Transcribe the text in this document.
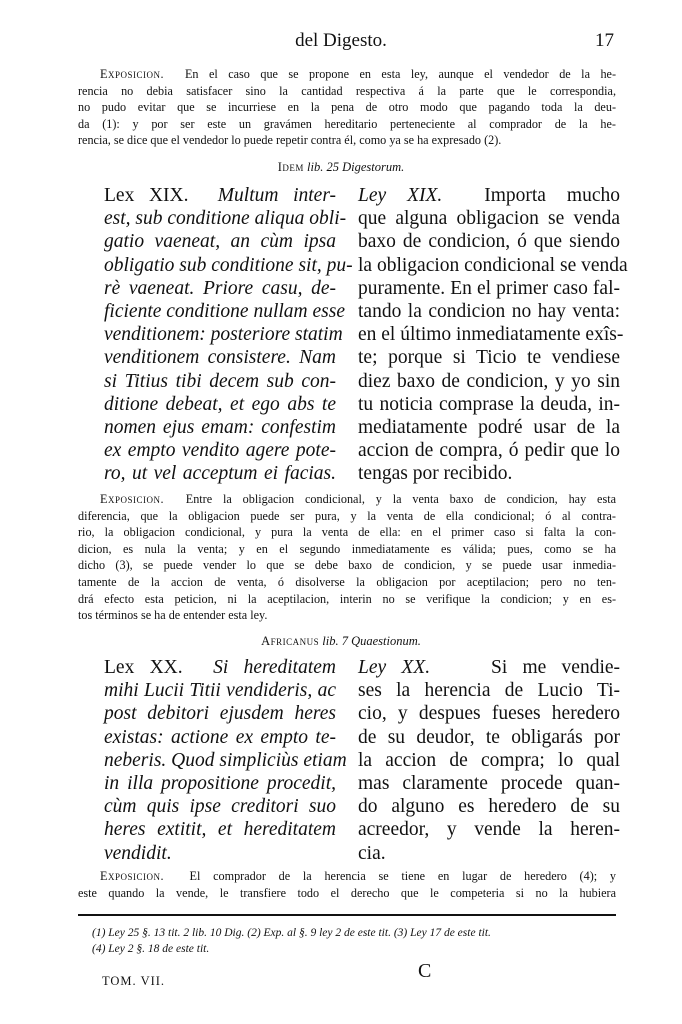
del Digesto.	17
Exposicion. En el caso que se propone en esta ley, aunque el vendedor de la he-
rencia no debia satisfacer sino la cantidad respectiva á la parte que le correspondia,
no pudo evitar que se incurriese en la pena de otro modo que pagando toda la deu-
da (1): y por ser este un gravámen hereditario perteneciente al comprador de la he-
rencia, se dice que el vendedor lo puede repetir contra él, como ya se ha expresado (2).
Idem lib. 25 Digestorum.
Lex XIX. Multum inter-
est, sub conditione aliqua obli-
gatio vaeneat, an cùm ipsa
obligatio sub conditione sit, pu-
rè vaeneat. Priore casu, de-
ficiente conditione nullam esse
venditionem: posteriore statim
venditionem consistere. Nam
si Titius tibi decem sub con-
ditione debeat, et ego abs te
nomen ejus emam: confestim
ex empto vendito agere pote-
ro, ut vel acceptum ei facias.
Ley XIX. Importa mucho
que alguna obligacion se venda
baxo de condicion, ó que siendo
la obligacion condicional se venda
puramente. En el primer caso fal-
tando la condicion no hay venta:
en el último inmediatamente exîs-
te; porque si Ticio te vendiese
diez baxo de condicion, y yo sin
tu noticia comprase la deuda, in-
mediatamente podré usar de la
accion de compra, ó pedir que lo
tengas por recibido.
Exposicion. Entre la obligacion condicional, y la venta baxo de condicion, hay esta
diferencia, que la obligacion puede ser pura, y la venta de ella condicional; ó al contra-
rio, la obligacion condicional, y pura la venta de ella: en el primer caso si falta la con-
dicion, es nula la venta; y en el segundo inmediatamente es válida; pues, como se ha
dicho (3), se puede vender lo que se debe baxo de condicion, y se puede usar inmedia-
tamente de la accion de venta, ó disolverse la obligacion por aceptilacion; pero no ten-
drá efecto esta peticion, ni la aceptilacion, interin no se verifique la condicion; y en es-
tos términos se ha de entender esta ley.
Africanus lib. 7 Quaestionum.
Lex XX. Si hereditatem
mihi Lucii Titii vendideris, ac
post debitori ejusdem heres
existas: actione ex empto te-
neberis. Quod simpliciùs etiam
in illa propositione procedit,
cùm quis ipse creditori suo
heres extitit, et hereditatem
vendidit.
Ley XX.	Si me vendie-
ses la herencia de Lucio Ti-
cio, y despues fueses heredero
de su deudor, te obligarás por
la accion de compra; lo qual
mas claramente procede quan-
do alguno es heredero de su
acreedor, y vende la heren-
cia.
Exposicion. El comprador de la herencia se tiene en lugar de heredero (4); y
este quando la vende, le transfiere todo el derecho que le competeria si no la hubiera
(1) Ley 25 §. 13 tit. 2 lib. 10 Dig. (2) Exp. al §. 9 ley 2 de este tit. (3) Ley 17 de este tit.
(4) Ley 2 §. 18 de este tit.
TOM. VII.	C
